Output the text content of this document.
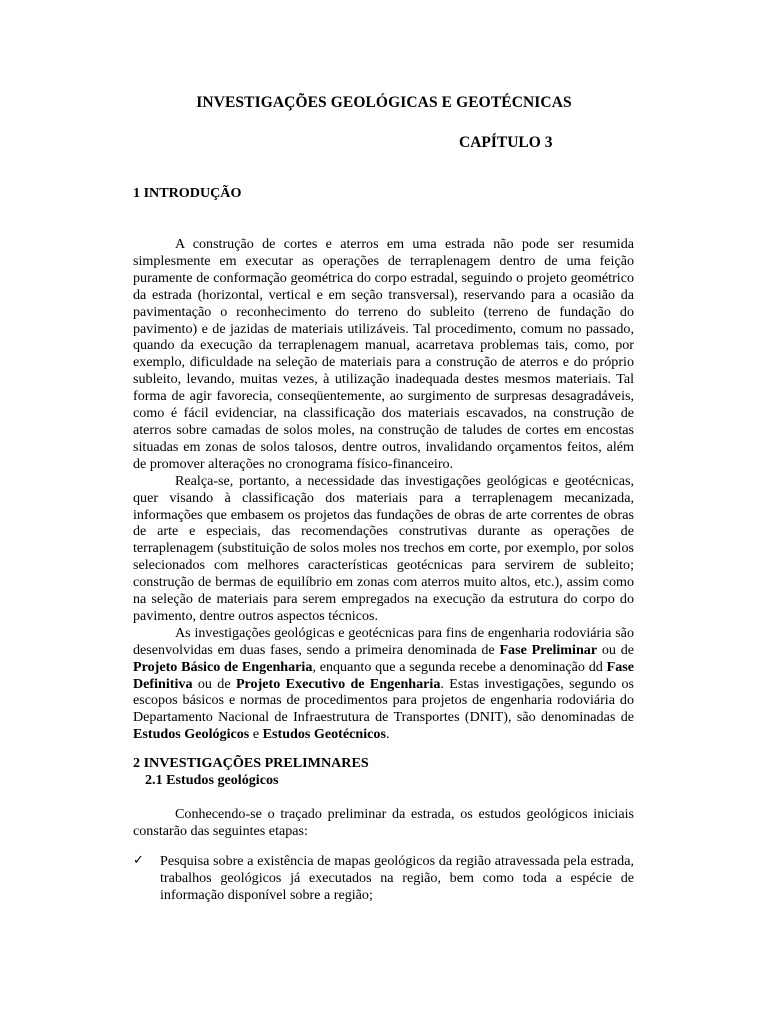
INVESTIGAÇÕES GEOLÓGICAS E GEOTÉCNICAS
CAPÍTULO 3
1 INTRODUÇÃO

A construção de cortes e aterros em uma estrada não pode ser resumida simplesmente em executar as operações de terraplenagem dentro de uma feição puramente de conformação geométrica do corpo estradal, seguindo o projeto geométrico da estrada (horizontal, vertical e em seção transversal), reservando para a ocasião da pavimentação o reconhecimento do terreno do subleito (terreno de fundação do pavimento) e de jazidas de materiais utilizáveis. Tal procedimento, comum no passado, quando da execução da terraplenagem manual, acarretava problemas tais, como, por exemplo, dificuldade na seleção de materiais para a construção de aterros e do próprio subleito, levando, muitas vezes, à utilização inadequada destes mesmos materiais. Tal forma de agir favorecia, conseqüentemente, ao surgimento de surpresas desagradáveis, como é fácil evidenciar, na classificação dos materiais escavados, na construção de aterros sobre camadas de solos moles, na construção de taludes de cortes em encostas situadas em zonas de solos talosos, dentre outros, invalidando orçamentos feitos, além de promover alterações no cronograma físico-financeiro.

Realça-se, portanto, a necessidade das investigações geológicas e geotécnicas, quer visando à classificação dos materiais para a terraplenagem mecanizada, informações que embasem os projetos das fundações de obras de arte correntes de obras de arte e especiais, das recomendações construtivas durante as operações de terraplenagem (substituição de solos moles nos trechos em corte, por exemplo, por solos selecionados com melhores características geotécnicas para servirem de subleito; construção de bermas de equilíbrio em zonas com aterros muito altos, etc.), assim como na seleção de materiais para serem empregados na execução da estrutura do corpo do pavimento, dentre outros aspectos técnicos.

As investigações geológicas e geotécnicas para fins de engenharia rodoviária são desenvolvidas em duas fases, sendo a primeira denominada de Fase Preliminar ou de Projeto Básico de Engenharia, enquanto que a segunda recebe a denominação dd Fase Definitiva ou de Projeto Executivo de Engenharia. Estas investigações, segundo os escopos básicos e normas de procedimentos para projetos de engenharia rodoviária do Departamento Nacional de Infraestrutura de Transportes (DNIT), são denominadas de Estudos Geológicos e Estudos Geotécnicos.

2 INVESTIGAÇÕES PRELIMNARES
2.1 Estudos geológicos

Conhecendo-se o traçado preliminar da estrada, os estudos geológicos iniciais constarão das seguintes etapas:

✓ Pesquisa sobre a existência de mapas geológicos da região atravessada pela estrada, trabalhos geológicos já executados na região, bem como toda a espécie de informação disponível sobre a região;
